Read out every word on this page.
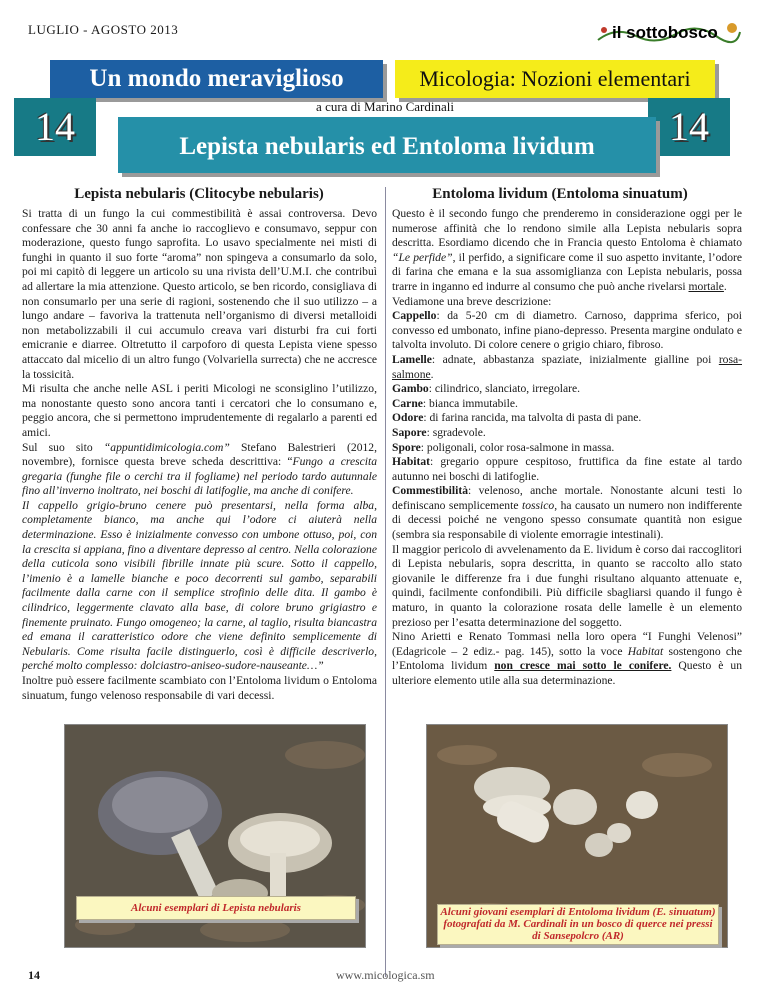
LUGLIO - AGOSTO 2013	il sottobosco
Un mondo meraviglioso	Micologia: Nozioni elementari
14	14
a cura di Marino Cardinali
Lepista nebularis ed Entoloma lividum
Lepista nebularis (Clitocybe nebularis)	Entoloma lividum (Entoloma sinuatum)

Si tratta di un fungo la cui commestibilità è assai controversa. Devo confessare che 30 anni fa anche io raccoglievo e consumavo, seppur con moderazione, questo fungo saprofita. Lo usavo specialmente nei misti di funghi in quanto il suo forte “aroma” non spingeva a consumarlo da solo, poi mi capitò di leggere un articolo su una rivista dell’U.M.I. che contribuì ad allertare la mia attenzione. Questo articolo, se ben ricordo, consigliava di non consumarlo per una serie di ragioni, sostenendo che il suo utilizzo – a lungo andare – favoriva la trattenuta nell’organismo di diversi metalloidi non metabolizzabili il cui accumulo creava vari disturbi fra cui forti emicranie e diarree. Oltretutto il carpoforo di questa Lepista viene spesso attaccato dal micelio di un altro fungo (Volvariella surrecta) che ne accresce la tossicità.

Mi risulta che anche nelle ASL i periti Micologi ne sconsiglino l’utilizzo, ma nonostante questo sono ancora tanti i cercatori che lo consumano e, peggio ancora, che si permettono imprudentemente di regalarlo a parenti ed amici.

Sul suo sito “appuntidimicologia.com” Stefano Balestrieri (2012, novembre), fornisce questa breve scheda descrittiva: “Fungo a crescita gregaria (funghe file o cerchi tra il fogliame) nel periodo tardo autunnale fino all’inverno inoltrato, nei boschi di latifoglie, ma anche di conifere.

Il cappello grigio-bruno cenere può presentarsi, nella forma alba, completamente bianco, ma anche qui l’odore ci aiuterà nella determinazione. Esso è inizialmente convesso con umbone ottuso, poi, con la crescita si appiana, fino a diventare depresso al centro. Nella colorazione della cuticola sono visibili fibrille innate più scure. Sotto il cappello, l’imenio è a lamelle bianche e poco decorrenti sul gambo, separabili facilmente dalla carne con il semplice strofinio delle dita. Il gambo è cilindrico, leggermente clavato alla base, di colore bruno grigiastro e finemente pruinato. Fungo omogeneo; la carne, al taglio, risulta biancastra ed emana il caratteristico odore che viene definito semplicemente di Nebularis. Come risulta facile distinguerlo, così è difficile descriverlo, perché molto complesso: dolciastro-aniseo-sudore-nauseante…”

Inoltre può essere facilmente scambiato con l’Entoloma lividum o Entoloma sinuatum, fungo velenoso responsabile di vari decessi.

Questo è il secondo fungo che prenderemo in considerazione oggi per le numerose affinità che lo rendono simile alla Lepista nebularis sopra descritta. Esordiamo dicendo che in Francia questo Entoloma è chiamato “Le perfide”, il perfido, a significare come il suo aspetto invitante, l’odore di farina che emana e la sua assomiglianza con Lepista nebularis, possa trarre in inganno ed indurre al consumo che può anche rivelarsi mortale.

Vediamone una breve descrizione:

Cappello: da 5-20 cm di diametro. Carnoso, dapprima sferico, poi convesso ed umbonato, infine piano-depresso. Presenta margine ondulato e talvolta involuto. Di colore cenere o grigio chiaro, fibroso.

Lamelle: adnate, abbastanza spaziate, inizialmente gialline poi rosa-salmone.

Gambo: cilindrico, slanciato, irregolare.

Carne: bianca immutabile.

Odore: di farina rancida, ma talvolta di pasta di pane.

Sapore: sgradevole.

Spore: poligonali, color rosa-salmone in massa.

Habitat: gregario oppure cespitoso, fruttifica da fine estate al tardo autunno nei boschi di latifoglie.

Commestibilità: velenoso, anche mortale. Nonostante alcuni testi lo definiscano semplicemente tossico, ha causato un numero non indifferente di decessi poiché ne vengono spesso consumate quantità non esigue (sembra sia responsabile di violente emorragie intestinali).

Il maggior pericolo di avvelenamento da E. lividum è corso dai raccoglitori di Lepista nebularis, sopra descritta, in quanto se raccolto allo stato giovanile le differenze fra i due funghi risultano alquanto attenuate e, quindi, facilmente confondibili. Più difficile sbagliarsi quando il fungo è maturo, in quanto la colorazione rosata delle lamelle è un elemento prezioso per l’esatta determinazione del soggetto.

Nino Arietti e Renato Tommasi nella loro opera “I Funghi Velenosi” (Edagricole – 2 ediz.- pag. 145), sotto la voce Habitat sostengono che l’Entoloma lividum non cresce mai sotto le conifere. Questo è un ulteriore elemento utile alla sua determinazione.

Alcuni esemplari di Lepista nebularis	Alcuni giovani esemplari di Entoloma lividum (E. sinuatum) fotografati da M. Cardinali in un bosco di querce nei pressi di Sansepolcro (AR)
14	www.micologica.sm
